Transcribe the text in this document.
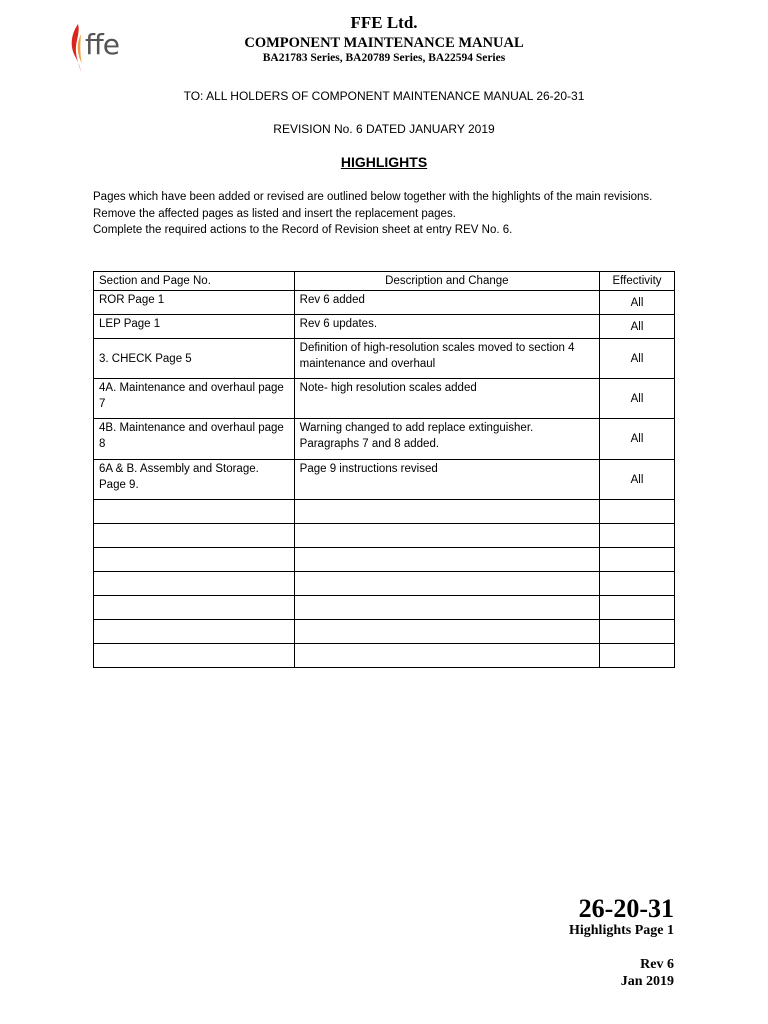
ffe
FFE Ltd.
COMPONENT MAINTENANCE MANUAL
BA21783 Series, BA20789 Series, BA22594 Series
TO: ALL HOLDERS OF COMPONENT MAINTENANCE MANUAL 26-20-31
REVISION No. 6 DATED JANUARY 2019
HIGHLIGHTS
Pages which have been added or revised are outlined below together with the highlights of the main revisions.
Remove the affected pages as listed and insert the replacement pages.
Complete the required actions to the Record of Revision sheet at entry REV No. 6.
Section and Page No.	Description and Change	Effectivity
ROR Page 1	Rev 6 added	All
LEP Page 1	Rev 6 updates.	All
3. CHECK Page 5	Definition of high-resolution scales moved to section 4 maintenance and overhaul	All
4A. Maintenance and overhaul page 7	Note- high resolution scales added	All
4B. Maintenance and overhaul page 8	Warning changed to add replace extinguisher. Paragraphs 7 and 8 added.	All
6A & B. Assembly and Storage. Page 9.	Page 9 instructions revised	All

26-20-31
Highlights Page 1
Rev 6
Jan 2019
